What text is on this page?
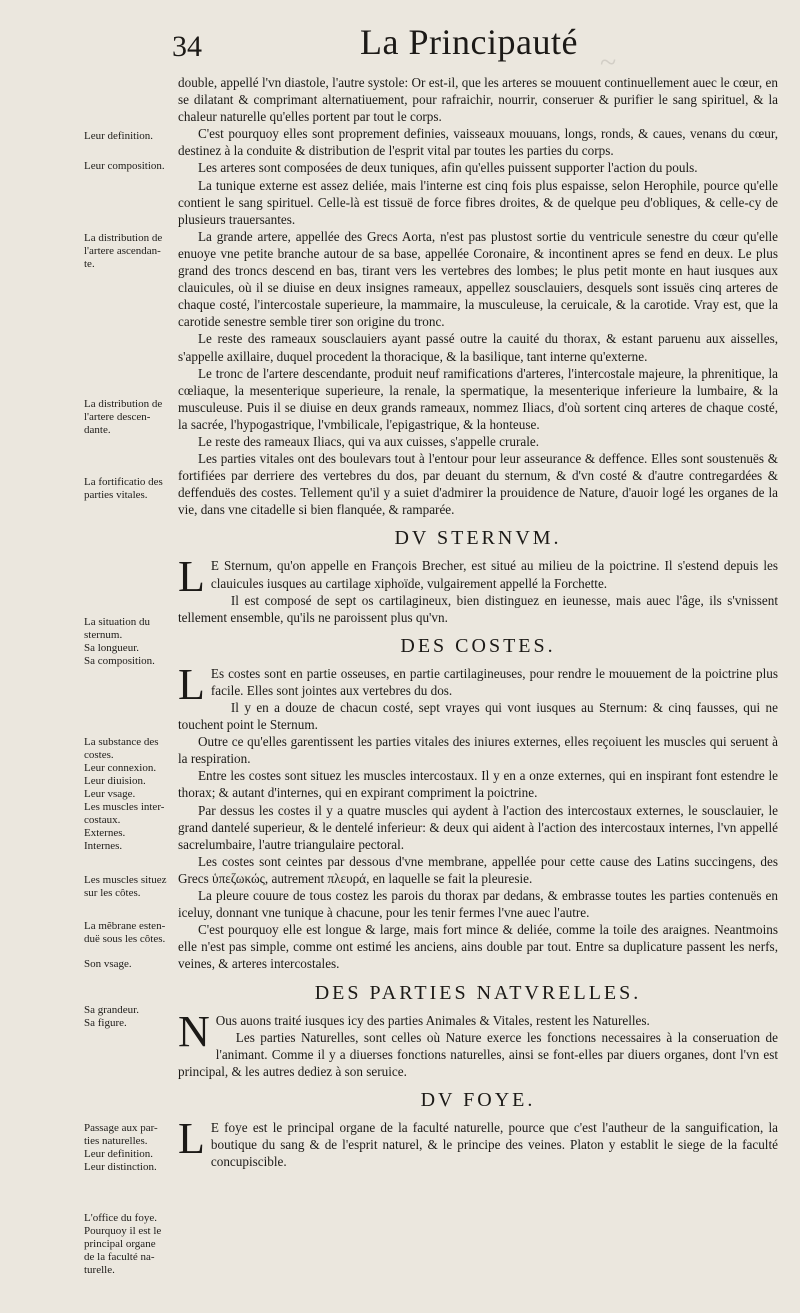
34	La Principauté
~

double, appellé l'vn diastole, l'autre systole: Or est-il, que les arteres se mouuent continuellement auec le cœur, en se dilatant & comprimant alternatiuement, pour rafraichir, nourrir, conseruer & purifier le sang spirituel, & la chaleur naturelle qu'elles portent par tout le corps.

C'est pourquoy elles sont proprement definies, vaisseaux mouuans, longs, ronds, & caues, venans du cœur, destinez à la conduite & distribution de l'esprit vital par toutes les parties du corps.

Les arteres sont composées de deux tuniques, afin qu'elles puissent supporter l'action du pouls.

La tunique externe est assez deliée, mais l'interne est cinq fois plus espaisse, selon Herophile, pource qu'elle contient le sang spirituel. Celle-là est tissuë de force fibres droites, & de quelque peu d'obliques, & celle-cy de plusieurs trauersantes.

La grande artere, appellée des Grecs Aorta, n'est pas plustost sortie du ventricule senestre du cœur qu'elle enuoye vne petite branche autour de sa base, appellée Coronaire, & incontinent apres se fend en deux. Le plus grand des troncs descend en bas, tirant vers les vertebres des lombes; le plus petit monte en haut iusques aux clauicules, où il se diuise en deux insignes rameaux, appellez sousclauiers, desquels sont issuës cinq arteres de chaque costé, l'intercostale superieure, la mammaire, la musculeuse, la ceruicale, & la carotide. Vray est, que la carotide senestre semble tirer son origine du tronc.

Le reste des rameaux sousclauiers ayant passé outre la cauité du thorax, & estant paruenu aux aisselles, s'appelle axillaire, duquel procedent la thoracique, & la basilique, tant interne qu'externe.

Le tronc de l'artere descendante, produit neuf ramifications d'arteres, l'intercostale majeure, la phrenitique, la cœliaque, la mesenterique superieure, la renale, la spermatique, la mesenterique inferieure la lumbaire, & la musculeuse. Puis il se diuise en deux grands rameaux, nommez Iliacs, d'où sortent cinq arteres de chaque costé, la sacrée, l'hypogastrique, l'vmbilicale, l'epigastrique, & la honteuse.

Le reste des rameaux Iliacs, qui va aux cuisses, s'appelle crurale.

Les parties vitales ont des boulevars tout à l'entour pour leur asseurance & deffence. Elles sont soustenuës & fortifiées par derriere des vertebres du dos, par deuant du sternum, & d'vn costé & d'autre contregardées & deffenduës des costes. Tellement qu'il y a suiet d'admirer la prouidence de Nature, d'auoir logé les organes de la vie, dans vne citadelle si bien flanquée, & ramparée.

DV STERNVM.

L E Sternum, qu'on appelle en François Brecher, est situé au milieu de la poictrine. Il s'estend depuis les clauicules iusques au cartilage xiphoïde, vulgairement appellé la Forchette.

Il est composé de sept os cartilagineux, bien distinguez en ieunesse, mais auec l'âge, ils s'vnissent tellement ensemble, qu'ils ne paroissent plus qu'vn.

DES COSTES.

L Es costes sont en partie osseuses, en partie cartilagineuses, pour rendre le mouuement de la poictrine plus facile. Elles sont jointes aux vertebres du dos.

Il y en a douze de chacun costé, sept vrayes qui vont iusques au Sternum: & cinq fausses, qui ne touchent point le Sternum.

Outre ce qu'elles garentissent les parties vitales des iniures externes, elles reçoiuent les muscles qui seruent à la respiration.

Entre les costes sont situez les muscles intercostaux. Il y en a onze externes, qui en inspirant font estendre le thorax; & autant d'internes, qui en expirant compriment la poictrine.

Par dessus les costes il y a quatre muscles qui aydent à l'action des intercostaux externes, le sousclauier, le grand dantelé superieur, & le dentelé inferieur: & deux qui aident à l'action des intercostaux internes, l'vn appellé sacrelumbaire, l'autre triangulaire pectoral.

Les costes sont ceintes par dessous d'vne membrane, appellée pour cette cause des Latins succingens, des Grecs ὑπεζωκώς, autrement πλευρά, en laquelle se fait la pleuresie.

La pleure couure de tous costez les parois du thorax par dedans, & embrasse toutes les parties contenuës en iceluy, donnant vne tunique à chacune, pour les tenir fermes l'vne auec l'autre.

C'est pourquoy elle est longue & large, mais fort mince & deliée, comme la toile des araignes. Neantmoins elle n'est pas simple, comme ont estimé les anciens, ains double par tout. Entre sa duplicature passent les nerfs, veines, & arteres intercostales.

DES PARTIES NATVRELLES.

N Ous auons traité iusques icy des parties Animales & Vitales, restent les Naturelles.

Les parties Naturelles, sont celles où Nature exerce les fonctions necessaires à la conseruation de l'animant. Comme il y a diuerses fonctions naturelles, ainsi se font-elles par diuers organes, dont l'vn est principal, & les autres dediez à son seruice.

DV FOYE.

L E foye est le principal organe de la faculté naturelle, pource que c'est l'autheur de la sanguification, la boutique du sang & de l'esprit naturel, & le principe des veines. Platon y establit le siege de la faculté concupiscible.

Leur definition.
Leur composition.
La distribution de
l'artere ascendan-
te.
La distribution de
l'artere descen-
dante.
La fortificatio des
parties vitales.
La situation du
sternum.
Sa longueur.
Sa composition.
La substance des
costes.
Leur connexion.
Leur diuision.
Leur vsage.
Les muscles inter-
costaux.
Externes.
Internes.
Les muscles situez
sur les côtes.
La mẽbrane esten-
duë sous les côtes.
Son vsage.
Sa grandeur.
Sa figure.
Passage aux par-
ties naturelles.
Leur definition.
Leur distinction.
L'office du foye.
Pourquoy il est le
principal organe
de la faculté na-
turelle.
